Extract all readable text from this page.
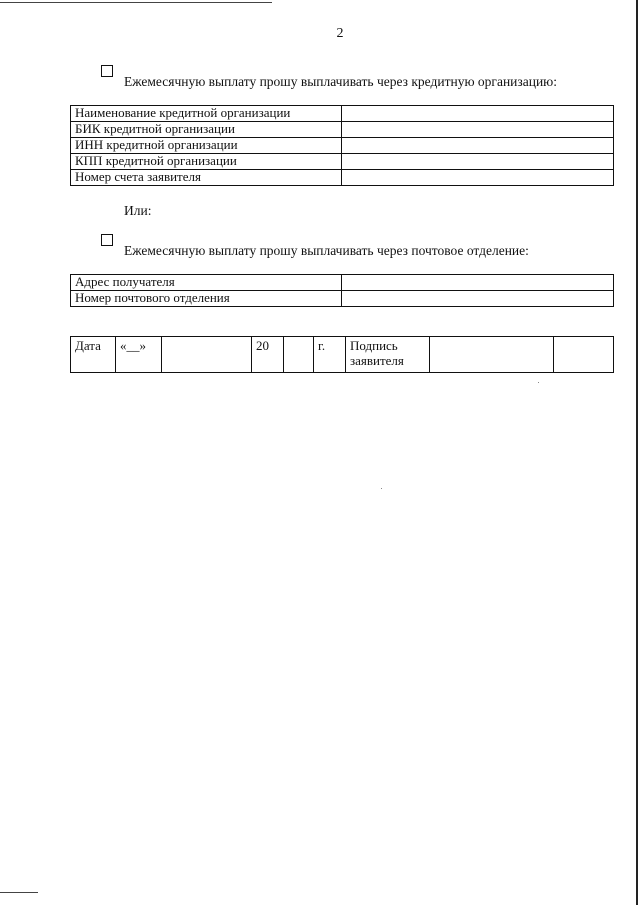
2
Ежемесячную выплату прошу выплачивать через кредитную организацию:
Наименование кредитной организации	
БИК кредитной организации	
ИНН кредитной организации	
КПП кредитной организации	
Номер счета заявителя	
Или:
Ежемесячную выплату прошу выплачивать через почтовое отделение:
Адрес получателя	
Номер почтового отделения	
Дата	«__»		20		г.	Подпись
заявителя		
